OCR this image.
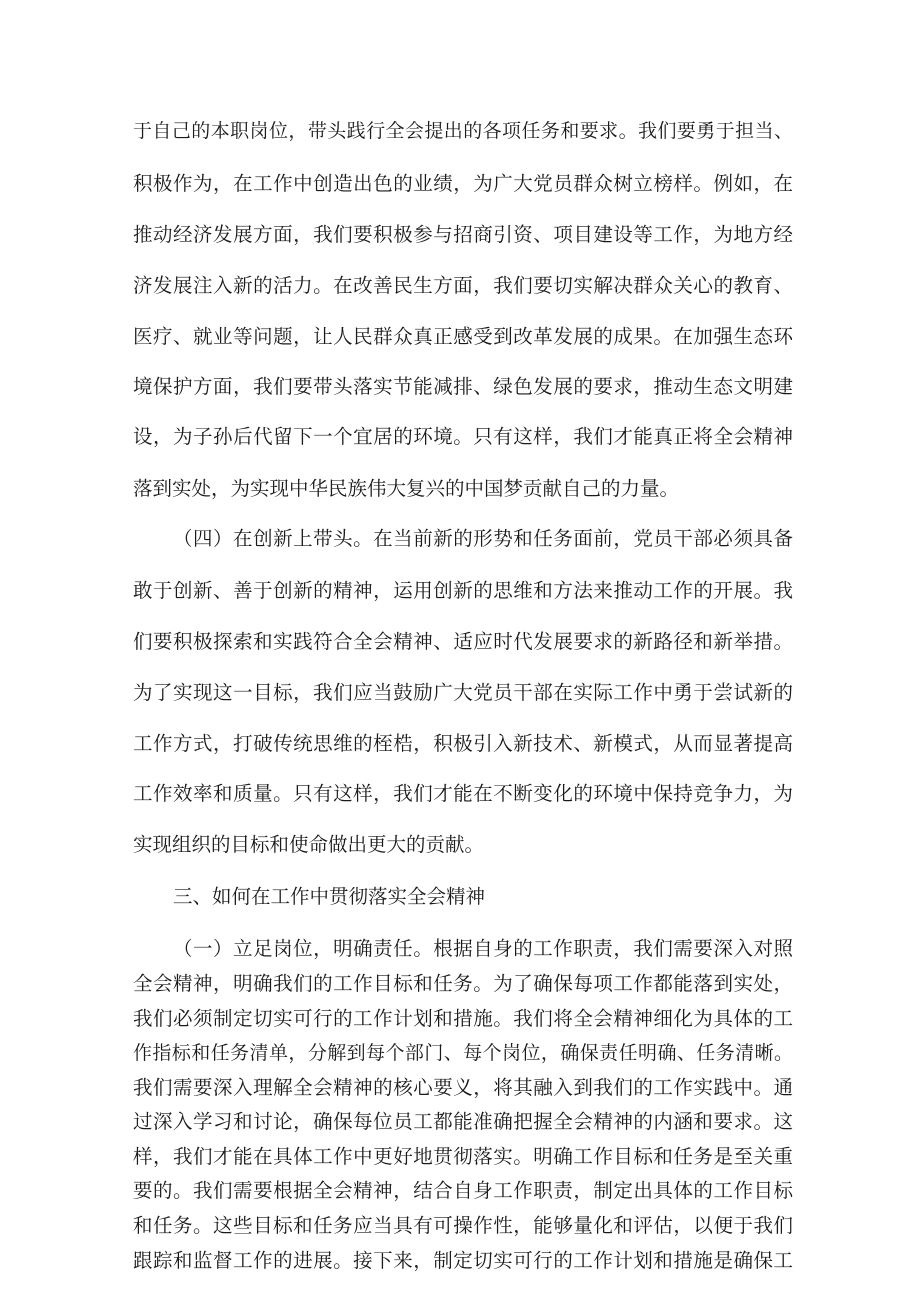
于自己的本职岗位，带头践行全会提出的各项任务和要求。我们要勇于担当、
积极作为，在工作中创造出色的业绩，为广大党员群众树立榜样。例如，在
推动经济发展方面，我们要积极参与招商引资、项目建设等工作，为地方经
济发展注入新的活力。在改善民生方面，我们要切实解决群众关心的教育、
医疗、就业等问题，让人民群众真正感受到改革发展的成果。在加强生态环
境保护方面，我们要带头落实节能减排、绿色发展的要求，推动生态文明建
设，为子孙后代留下一个宜居的环境。只有这样，我们才能真正将全会精神
落到实处，为实现中华民族伟大复兴的中国梦贡献自己的力量。
（四）在创新上带头。在当前新的形势和任务面前，党员干部必须具备
敢于创新、善于创新的精神，运用创新的思维和方法来推动工作的开展。我
们要积极探索和实践符合全会精神、适应时代发展要求的新路径和新举措。
为了实现这一目标，我们应当鼓励广大党员干部在实际工作中勇于尝试新的
工作方式，打破传统思维的桎梏，积极引入新技术、新模式，从而显著提高
工作效率和质量。只有这样，我们才能在不断变化的环境中保持竞争力，为
实现组织的目标和使命做出更大的贡献。
三、如何在工作中贯彻落实全会精神
（一）立足岗位，明确责任。根据自身的工作职责，我们需要深入对照
全会精神，明确我们的工作目标和任务。为了确保每项工作都能落到实处，
我们必须制定切实可行的工作计划和措施。我们将全会精神细化为具体的工
作指标和任务清单，分解到每个部门、每个岗位，确保责任明确、任务清晰。
我们需要深入理解全会精神的核心要义，将其融入到我们的工作实践中。通
过深入学习和讨论，确保每位员工都能准确把握全会精神的内涵和要求。这
样，我们才能在具体工作中更好地贯彻落实。明确工作目标和任务是至关重
要的。我们需要根据全会精神，结合自身工作职责，制定出具体的工作目标
和任务。这些目标和任务应当具有可操作性，能够量化和评估，以便于我们
跟踪和监督工作的进展。接下来，制定切实可行的工作计划和措施是确保工
